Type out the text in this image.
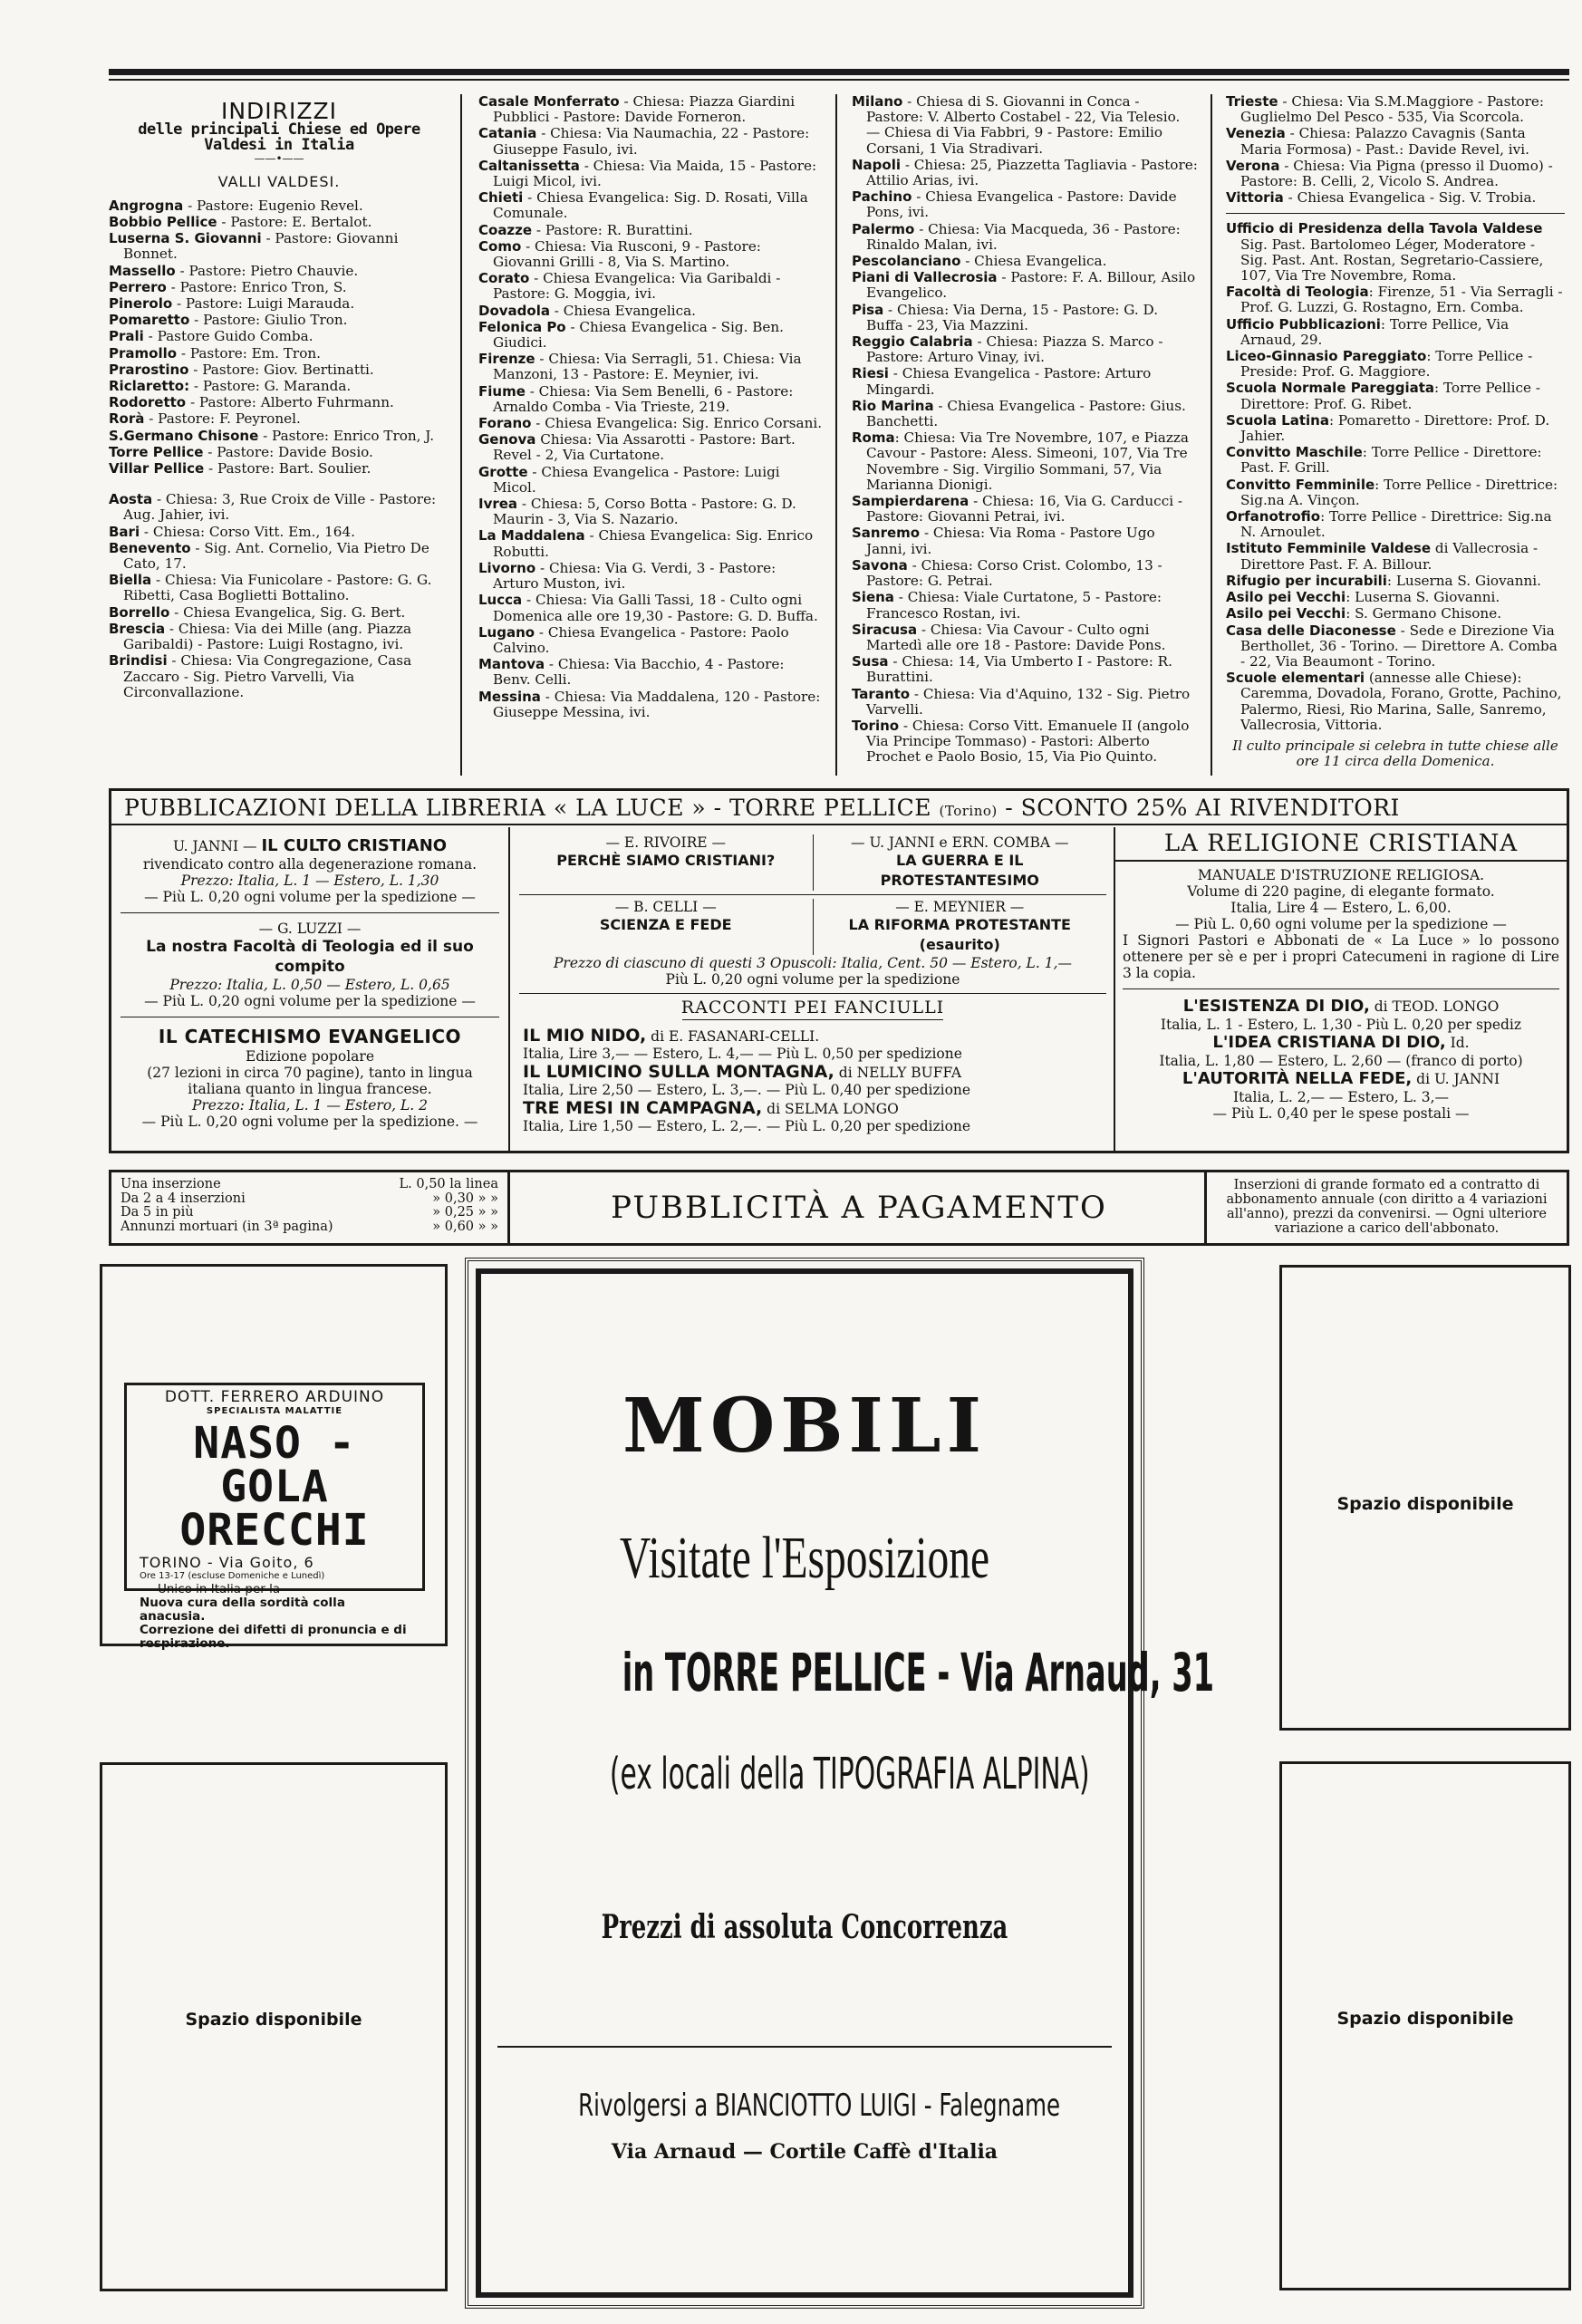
INDIRIZZI
delle principali Chiese ed Opere Valdesi in Italia
——•——
VALLI VALDESI.
Angrogna - Pastore: Eugenio Revel.
Bobbio Pellice - Pastore: E. Bertalot.
Luserna S. Giovanni - Pastore: Giovanni Bonnet.
Massello - Pastore: Pietro Chauvie.
Perrero - Pastore: Enrico Tron, S.
Pinerolo - Pastore: Luigi Marauda.
Pomaretto - Pastore: Giulio Tron.
Prali - Pastore Guido Comba.
Pramollo - Pastore: Em. Tron.
Prarostino - Pastore: Giov. Bertinatti.
Riclaretto: - Pastore: G. Maranda.
Rodoretto - Pastore: Alberto Fuhrmann.
Rorà - Pastore: F. Peyronel.
S.Germano Chisone - Pastore: Enrico Tron, J.
Torre Pellice - Pastore: Davide Bosio.
Villar Pellice - Pastore: Bart. Soulier.
Aosta - Chiesa: 3, Rue Croix de Ville - Pastore: Aug. Jahier, ivi.
Bari - Chiesa: Corso Vitt. Em., 164.
Benevento - Sig. Ant. Cornelio, Via Pietro De Cato, 17.
Biella - Chiesa: Via Funicolare - Pastore: G. G. Ribetti, Casa Boglietti Bottalino.
Borrello - Chiesa Evangelica, Sig. G. Bert.
Brescia - Chiesa: Via dei Mille (ang. Piazza Garibaldi) - Pastore: Luigi Rostagno, ivi.
Brindisi - Chiesa: Via Congregazione, Casa Zaccaro - Sig. Pietro Varvelli, Via Circonvallazione.
Casale Monferrato - Chiesa: Piazza Giardini Pubblici - Pastore: Davide Forneron.
Catania - Chiesa: Via Naumachia, 22 - Pastore: Giuseppe Fasulo, ivi.
Caltanissetta - Chiesa: Via Maida, 15 - Pastore: Luigi Micol, ivi.
Chieti - Chiesa Evangelica: Sig. D. Rosati, Villa Comunale.
Coazze - Pastore: R. Burattini.
Como - Chiesa: Via Rusconi, 9 - Pastore: Giovanni Grilli - 8, Via S. Martino.
Corato - Chiesa Evangelica: Via Garibaldi - Pastore: G. Moggia, ivi.
Dovadola - Chiesa Evangelica.
Felonica Po - Chiesa Evangelica - Sig. Ben. Giudici.
Firenze - Chiesa: Via Serragli, 51. Chiesa: Via Manzoni, 13 - Pastore: E. Meynier, ivi.
Fiume - Chiesa: Via Sem Benelli, 6 - Pastore: Arnaldo Comba - Via Trieste, 219.
Forano - Chiesa Evangelica: Sig. Enrico Corsani.
Genova Chiesa: Via Assarotti - Pastore: Bart. Revel - 2, Via Curtatone.
Grotte - Chiesa Evangelica - Pastore: Luigi Micol.
Ivrea - Chiesa: 5, Corso Botta - Pastore: G. D. Maurin - 3, Via S. Nazario.
La Maddalena - Chiesa Evangelica: Sig. Enrico Robutti.
Livorno - Chiesa: Via G. Verdi, 3 - Pastore: Arturo Muston, ivi.
Lucca - Chiesa: Via Galli Tassi, 18 - Culto ogni Domenica alle ore 19,30 - Pastore: G. D. Buffa.
Lugano - Chiesa Evangelica - Pastore: Paolo Calvino.
Mantova - Chiesa: Via Bacchio, 4 - Pastore: Benv. Celli.
Messina - Chiesa: Via Maddalena, 120 - Pastore: Giuseppe Messina, ivi.
Milano - Chiesa di S. Giovanni in Conca - Pastore: V. Alberto Costabel - 22, Via Telesio. — Chiesa di Via Fabbri, 9 - Pastore: Emilio Corsani, 1 Via Stradivari.
Napoli - Chiesa: 25, Piazzetta Tagliavia - Pastore: Attilio Arias, ivi.
Pachino - Chiesa Evangelica - Pastore: Davide Pons, ivi.
Palermo - Chiesa: Via Macqueda, 36 - Pastore: Rinaldo Malan, ivi.
Pescolanciano - Chiesa Evangelica.
Piani di Vallecrosia - Pastore: F. A. Billour, Asilo Evangelico.
Pisa - Chiesa: Via Derna, 15 - Pastore: G. D. Buffa - 23, Via Mazzini.
Reggio Calabria - Chiesa: Piazza S. Marco - Pastore: Arturo Vinay, ivi.
Riesi - Chiesa Evangelica - Pastore: Arturo Mingardi.
Rio Marina - Chiesa Evangelica - Pastore: Gius. Banchetti.
Roma: Chiesa: Via Tre Novembre, 107, e Piazza Cavour - Pastore: Aless. Simeoni, 107, Via Tre Novembre - Sig. Virgilio Sommani, 57, Via Marianna Dionigi.
Sampierdarena - Chiesa: 16, Via G. Carducci - Pastore: Giovanni Petrai, ivi.
Sanremo - Chiesa: Via Roma - Pastore Ugo Janni, ivi.
Savona - Chiesa: Corso Crist. Colombo, 13 - Pastore: G. Petrai.
Siena - Chiesa: Viale Curtatone, 5 - Pastore: Francesco Rostan, ivi.
Siracusa - Chiesa: Via Cavour - Culto ogni Martedì alle ore 18 - Pastore: Davide Pons.
Susa - Chiesa: 14, Via Umberto I - Pastore: R. Burattini.
Taranto - Chiesa: Via d'Aquino, 132 - Sig. Pietro Varvelli.
Torino - Chiesa: Corso Vitt. Emanuele II (angolo Via Principe Tommaso) - Pastori: Alberto Prochet e Paolo Bosio, 15, Via Pio Quinto.
Trieste - Chiesa: Via S.M.Maggiore - Pastore: Guglielmo Del Pesco - 535, Via Scorcola.
Venezia - Chiesa: Palazzo Cavagnis (Santa Maria Formosa) - Past.: Davide Revel, ivi.
Verona - Chiesa: Via Pigna (presso il Duomo) - Pastore: B. Celli, 2, Vicolo S. Andrea.
Vittoria - Chiesa Evangelica - Sig. V. Trobia.
Ufficio di Presidenza della Tavola Valdese Sig. Past. Bartolomeo Léger, Moderatore - Sig. Past. Ant. Rostan, Segretario-Cassiere, 107, Via Tre Novembre, Roma.
Facoltà di Teologia: Firenze, 51 - Via Serragli - Prof. G. Luzzi, G. Rostagno, Ern. Comba.
Ufficio Pubblicazioni: Torre Pellice, Via Arnaud, 29.
Liceo-Ginnasio Pareggiato: Torre Pellice - Preside: Prof. G. Maggiore.
Scuola Normale Pareggiata: Torre Pellice - Direttore: Prof. G. Ribet.
Scuola Latina: Pomaretto - Direttore: Prof. D. Jahier.
Convitto Maschile: Torre Pellice - Direttore: Past. F. Grill.
Convitto Femminile: Torre Pellice - Direttrice: Sig.na A. Vinçon.
Orfanotrofio: Torre Pellice - Direttrice: Sig.na N. Arnoulet.
Istituto Femminile Valdese di Vallecrosia - Direttore Past. F. A. Billour.
Rifugio per incurabili: Luserna S. Giovanni.
Asilo pei Vecchi: Luserna S. Giovanni.
Asilo pei Vecchi: S. Germano Chisone.
Casa delle Diaconesse - Sede e Direzione Via Berthollet, 36 - Torino. — Direttore A. Comba - 22, Via Beaumont - Torino.
Scuole elementari (annesse alle Chiese): Caremma, Dovadola, Forano, Grotte, Pachino, Palermo, Riesi, Rio Marina, Salle, Sanremo, Vallecrosia, Vittoria.
Il culto principale si celebra in tutte chiese alle ore 11 circa della Domenica.
PUBBLICAZIONI DELLA LIBRERIA « LA LUCE » - TORRE PELLICE (Torino) - SCONTO 25% AI RIVENDITORI
U. JANNI — IL CULTO CRISTIANO
rivendicato contro alla degenerazione romana.
Prezzo: Italia, L. 1 — Estero, L. 1,30
— Più L. 0,20 ogni volume per la spedizione —
— G. LUZZI —
La nostra Facoltà di Teologia ed il suo compito
Prezzo: Italia, L. 0,50 — Estero, L. 0,65
— Più L. 0,20 ogni volume per la spedizione —
IL CATECHISMO EVANGELICO
Edizione popolare
(27 lezioni in circa 70 pagine), tanto in lingua italiana quanto in lingua francese.
Prezzo: Italia, L. 1 — Estero, L. 2
— Più L. 0,20 ogni volume per la spedizione. —
— E. RIVOIRE —
PERCHÈ SIAMO CRISTIANI?
— U. JANNI e ERN. COMBA —
LA GUERRA E IL PROTESTANTESIMO
— B. CELLI —
SCIENZA E FEDE
— E. MEYNIER —
LA RIFORMA PROTESTANTE (esaurito)
Prezzo di ciascuno di questi 3 Opuscoli: Italia, Cent. 50 — Estero, L. 1,—
Più L. 0,20 ogni volume per la spedizione
RACCONTI PEI FANCIULLI
IL MIO NIDO, di E. FASANARI-CELLI.
Italia, Lire 3,— — Estero, L. 4,— — Più L. 0,50 per spedizione
IL LUMICINO SULLA MONTAGNA, di NELLY BUFFA
Italia, Lire 2,50 — Estero, L. 3,—. — Più L. 0,40 per spedizione
TRE MESI IN CAMPAGNA, di SELMA LONGO
Italia, Lire 1,50 — Estero, L. 2,—. — Più L. 0,20 per spedizione
LA RELIGIONE CRISTIANA
MANUALE D'ISTRUZIONE RELIGIOSA.
Volume di 220 pagine, di elegante formato.
Italia, Lire 4 — Estero, L. 6,00.
— Più L. 0,60 ogni volume per la spedizione —
I Signori Pastori e Abbonati de « La Luce » lo possono ottenere per sè e per i propri Catecumeni in ragione di Lire 3 la copia.
L'ESISTENZA DI DIO, di TEOD. LONGO
Italia, L. 1 - Estero, L. 1,30 - Più L. 0,20 per spediz
L'IDEA CRISTIANA DI DIO, Id.
Italia, L. 1,80 — Estero, L. 2,60 — (franco di porto)
L'AUTORITÀ NELLA FEDE, di U. JANNI
Italia, L. 2,— — Estero, L. 3,—
— Più L. 0,40 per le spese postali —
Una inserzione	L. 0,50 la linea
Da 2 a 4 inserzioni	» 0,30 » »
Da 5 in più	» 0,25 » »
Annunzi mortuari (in 3ª pagina)	» 0,60 » »
PUBBLICITÀ A PAGAMENTO
Inserzioni di grande formato ed a contratto di abbonamento annuale (con diritto a 4 variazioni all'anno), prezzi da convenirsi. — Ogni ulteriore variazione a carico dell'abbonato.
DOTT. FERRERO ARDUINO
SPECIALISTA MALATTIE
NASO - GOLA
ORECCHI
TORINO - Via Goito, 6
Ore 13-17 (escluse Domeniche e Lunedì)
Unico in Italia per la
Nuova cura della sordità colla anacusia.
Correzione dei difetti di pronuncia e di respirazione.
Spazio disponibile
MOBILI
Visitate l'Esposizione
in TORRE PELLICE - Via Arnaud, 31
(ex locali della TIPOGRAFIA ALPINA)
Prezzi di assoluta Concorrenza
Rivolgersi a BIANCIOTTO LUIGI - Falegname
Via Arnaud — Cortile Caffè d'Italia
Spazio disponibile
Spazio disponibile
